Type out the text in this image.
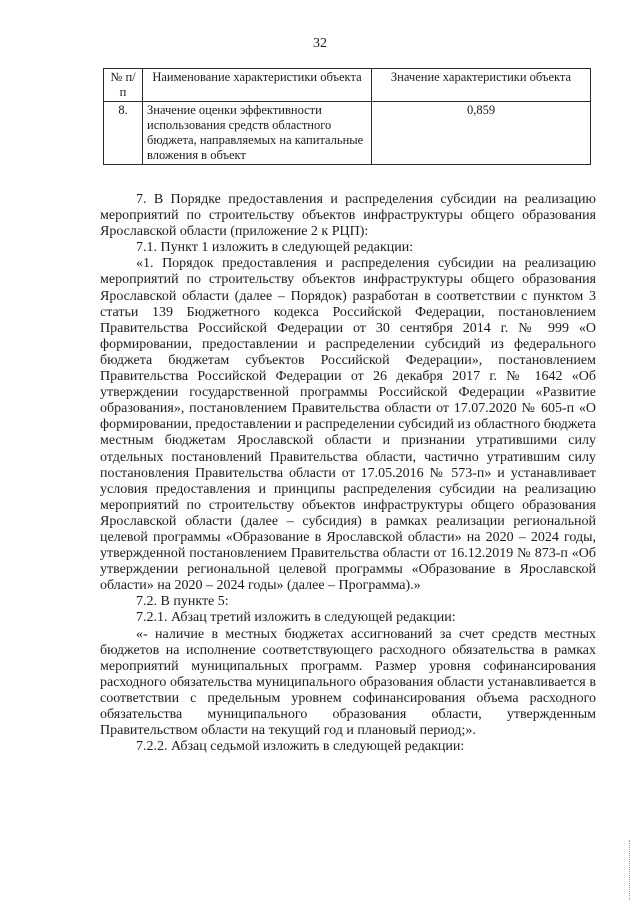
32
№ п/п	Наименование характеристики объекта	Значение характеристики объекта
8.	Значение оценки эффективности использования средств областного бюджета, направляемых на капитальные вложения в объект	0,859

7. В Порядке предоставления и распределения субсидии на реализацию мероприятий по строительству объектов инфраструктуры общего образования Ярославской области (приложение 2 к РЦП):

7.1. Пункт 1 изложить в следующей редакции:

«1. Порядок предоставления и распределения субсидии на реализацию мероприятий по строительству объектов инфраструктуры общего образования Ярославской области (далее – Порядок) разработан в соответствии с пунктом 3 статьи 139 Бюджетного кодекса Российской Федерации, постановлением Правительства Российской Федерации от 30 сентября 2014 г. № 999 «О формировании, предоставлении и распределении субсидий из федерального бюджета бюджетам субъектов Российской Федерации», постановлением Правительства Российской Федерации от 26 декабря 2017 г. № 1642 «Об утверждении государственной программы Российской Федерации «Развитие образования», постановлением Правительства области от 17.07.2020 № 605-п «О формировании, предоставлении и распределении субсидий из областного бюджета местным бюджетам Ярославской области и признании утратившими силу отдельных постановлений Правительства области, частично утратившим силу постановления Правительства области от 17.05.2016 № 573-п» и устанавливает условия предоставления и принципы распределения субсидии на реализацию мероприятий по строительству объектов инфраструктуры общего образования Ярославской области (далее – субсидия) в рамках реализации региональной целевой программы «Образование в Ярославской области» на 2020 – 2024 годы, утвержденной постановлением Правительства области от 16.12.2019 № 873-п «Об утверждении региональной целевой программы «Образование в Ярославской области» на 2020 – 2024 годы» (далее – Программа).»

7.2. В пункте 5:

7.2.1. Абзац третий изложить в следующей редакции:

«- наличие в местных бюджетах ассигнований за счет средств местных бюджетов на исполнение соответствующего расходного обязательства в рамках мероприятий муниципальных программ. Размер уровня софинансирования расходного обязательства муниципального образования области устанавливается в соответствии с предельным уровнем софинансирования объема расходного обязательства муниципального образования области, утвержденным Правительством области на текущий год и плановый период;».

7.2.2. Абзац седьмой изложить в следующей редакции:
